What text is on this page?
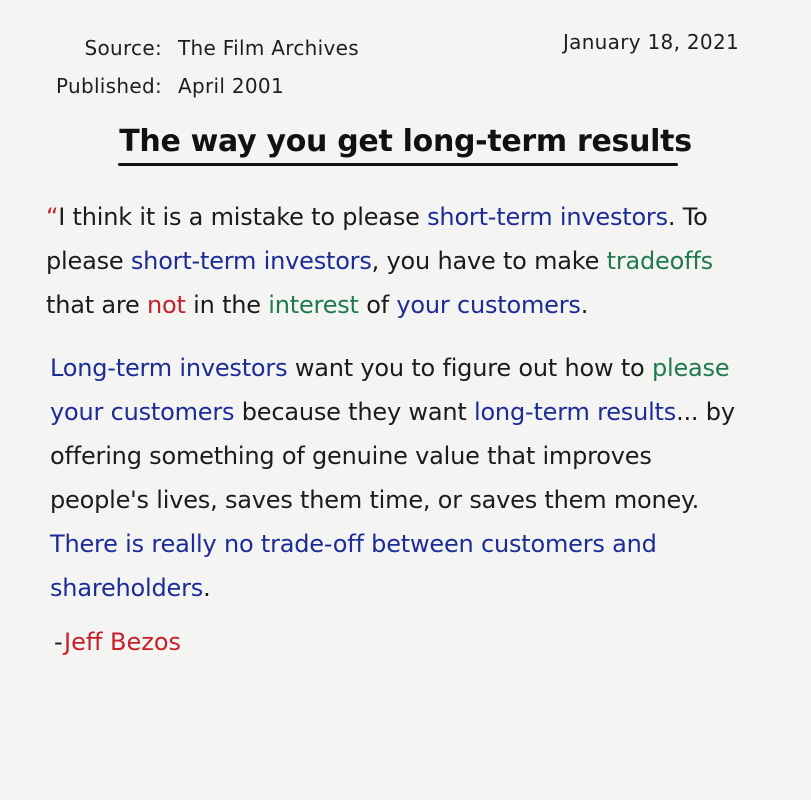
Source: The Film Archives
Published: April 2001
January 18, 2021
The way you get long-term results
“I think it is a mistake to please short-term investors. To please short-term investors, you have to make tradeoffs that are not in the interest of your customers.
Long-term investors want you to figure out how to please your customers because they want long-term results... by offering something of genuine value that improves people's lives, saves them time, or saves them money. There is really no trade-off between customers and shareholders.
-Jeff Bezos
